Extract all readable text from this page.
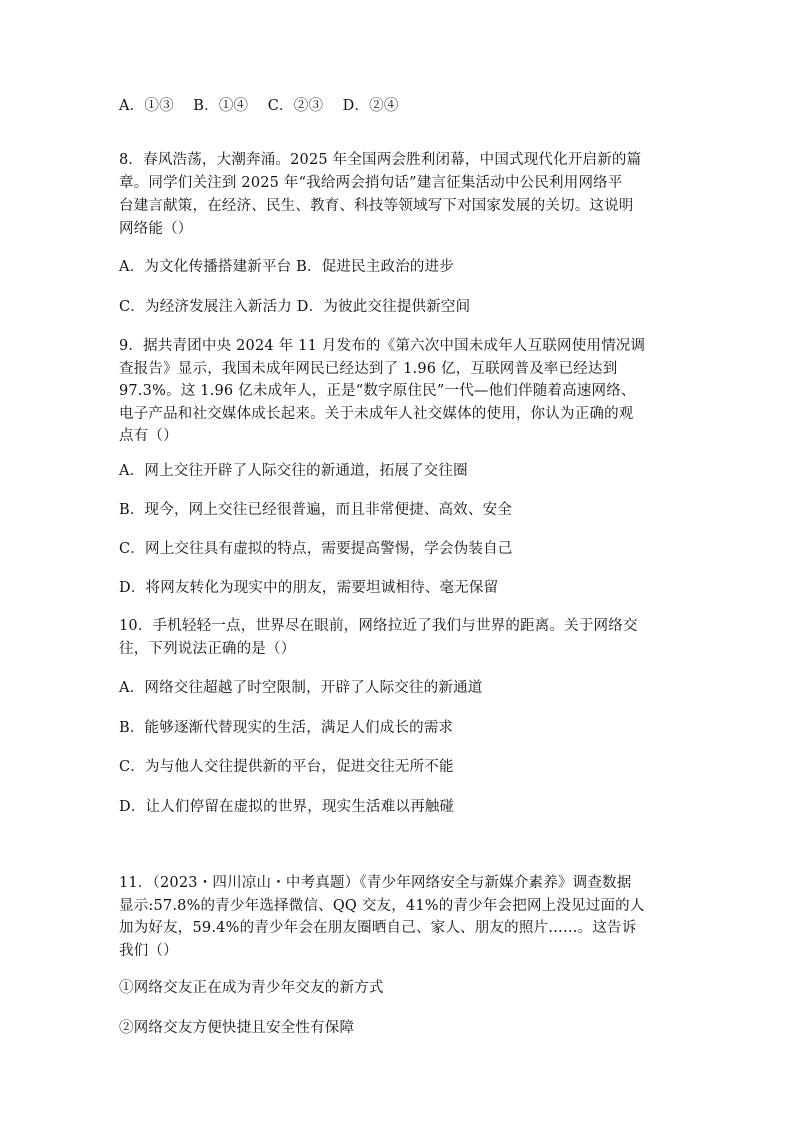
A．①③　 B．①④　 C．②③　 D．②④
8．春风浩荡，大潮奔涌。2025 年全国两会胜利闭幕，中国式现代化开启新的篇
章。同学们关注到 2025 年“我给两会捎句话”建言征集活动中公民利用网络平
台建言献策，在经济、民生、教育、科技等领域写下对国家发展的关切。这说明
网络能（）
A．为文化传播搭建新平台 B．促进民主政治的进步
C．为经济发展注入新活力 D．为彼此交往提供新空间
9．据共青团中央 2024 年 11 月发布的《第六次中国未成年人互联网使用情况调
查报告》显示，我国未成年网民已经达到了 1.96 亿，互联网普及率已经达到
97.3%。这 1.96 亿未成年人，正是“数字原住民”一代—他们伴随着高速网络、
电子产品和社交媒体成长起来。关于未成年人社交媒体的使用，你认为正确的观
点有（）
A．网上交往开辟了人际交往的新通道，拓展了交往圈
B．现今，网上交往已经很普遍，而且非常便捷、高效、安全
C．网上交往具有虚拟的特点，需要提高警惕，学会伪装自己
D．将网友转化为现实中的朋友，需要坦诚相待、毫无保留
10．手机轻轻一点，世界尽在眼前，网络拉近了我们与世界的距离。关于网络交
往，下列说法正确的是（）
A．网络交往超越了时空限制，开辟了人际交往的新通道
B．能够逐渐代替现实的生活，满足人们成长的需求
C．为与他人交往提供新的平台，促进交往无所不能
D．让人们停留在虚拟的世界，现实生活难以再触碰
11．（2023・四川凉山・中考真题）《青少年网络安全与新媒介素养》调查数据
显示:57.8%的青少年选择微信、QQ 交友，41%的青少年会把网上没见过面的人
加为好友，59.4%的青少年会在朋友圈晒自己、家人、朋友的照片……。这告诉
我们（）
①网络交友正在成为青少年交友的新方式
②网络交友方便快捷且安全性有保障
